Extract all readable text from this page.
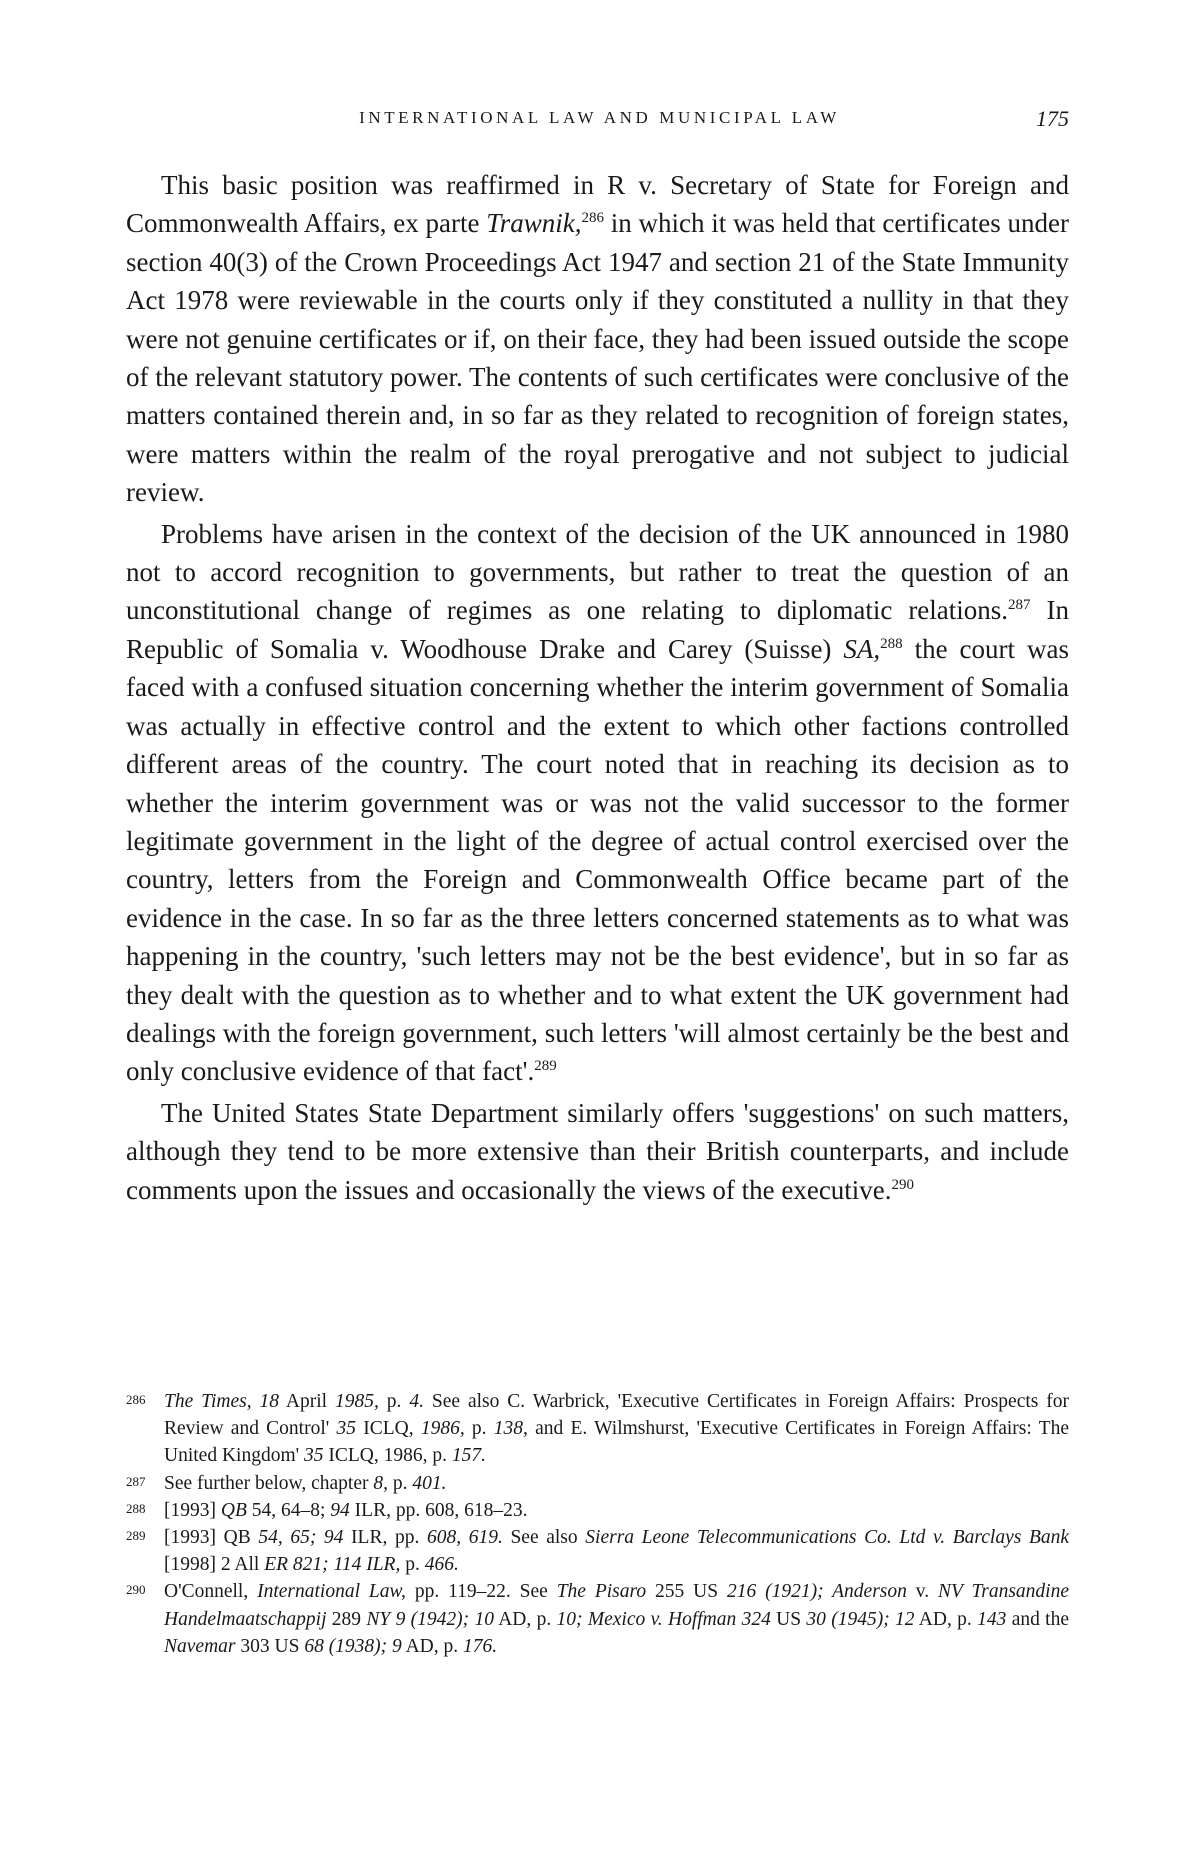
INTERNATIONAL LAW AND MUNICIPAL LAW	175

This basic position was reaffirmed in R v. Secretary of State for Foreign and Commonwealth Affairs, ex parte Trawnik,$^{286}$ in which it was held that certificates under section 40(3) of the Crown Proceedings Act 1947 and section 21 of the State Immunity Act 1978 were reviewable in the courts only if they constituted a nullity in that they were not genuine certificates or if, on their face, they had been issued outside the scope of the relevant statutory power. The contents of such certificates were conclusive of the matters contained therein and, in so far as they related to recognition of foreign states, were matters within the realm of the royal prerogative and not subject to judicial review.

Problems have arisen in the context of the decision of the UK announced in 1980 not to accord recognition to governments, but rather to treat the question of an unconstitutional change of regimes as one relating to diplomatic relations.$^{287}$ In Republic of Somalia v. Woodhouse Drake and Carey (Suisse) SA,$^{288}$ the court was faced with a confused situation concerning whether the interim government of Somalia was actually in effective control and the extent to which other factions controlled different areas of the country. The court noted that in reaching its decision as to whether the interim government was or was not the valid successor to the former legitimate government in the light of the degree of actual control exercised over the country, letters from the Foreign and Commonwealth Office became part of the evidence in the case. In so far as the three letters concerned statements as to what was happening in the country, 'such letters may not be the best evidence', but in so far as they dealt with the question as to whether and to what extent the UK government had dealings with the foreign government, such letters 'will almost certainly be the best and only conclusive evidence of that fact'.$^{289}$

The United States State Department similarly offers 'suggestions' on such matters, although they tend to be more extensive than their British counterparts, and include comments upon the issues and occasionally the views of the executive.$^{290}$

286 The Times, 18 April 1985, p. 4. See also C. Warbrick, 'Executive Certificates in Foreign Affairs: Prospects for Review and Control' 35 ICLQ, 1986, p. 138, and E. Wilmshurst, 'Executive Certificates in Foreign Affairs: The United Kingdom' 35 ICLQ, 1986, p. 157.

287 See further below, chapter 8, p. 401.

288 [1993] QB 54, 64–8; 94 ILR, pp. 608, 618–23.

289 [1993] QB 54, 65; 94 ILR, pp. 608, 619. See also Sierra Leone Telecommunications Co. Ltd v. Barclays Bank [1998] 2 All ER 821; 114 ILR, p. 466.

290 O'Connell, International Law, pp. 119–22. See The Pisaro 255 US 216 (1921); Anderson v. NV Transandine Handelmaatschappij 289 NY 9 (1942); 10 AD, p. 10; Mexico v. Hoffman 324 US 30 (1945); 12 AD, p. 143 and the Navemar 303 US 68 (1938); 9 AD, p. 176.
